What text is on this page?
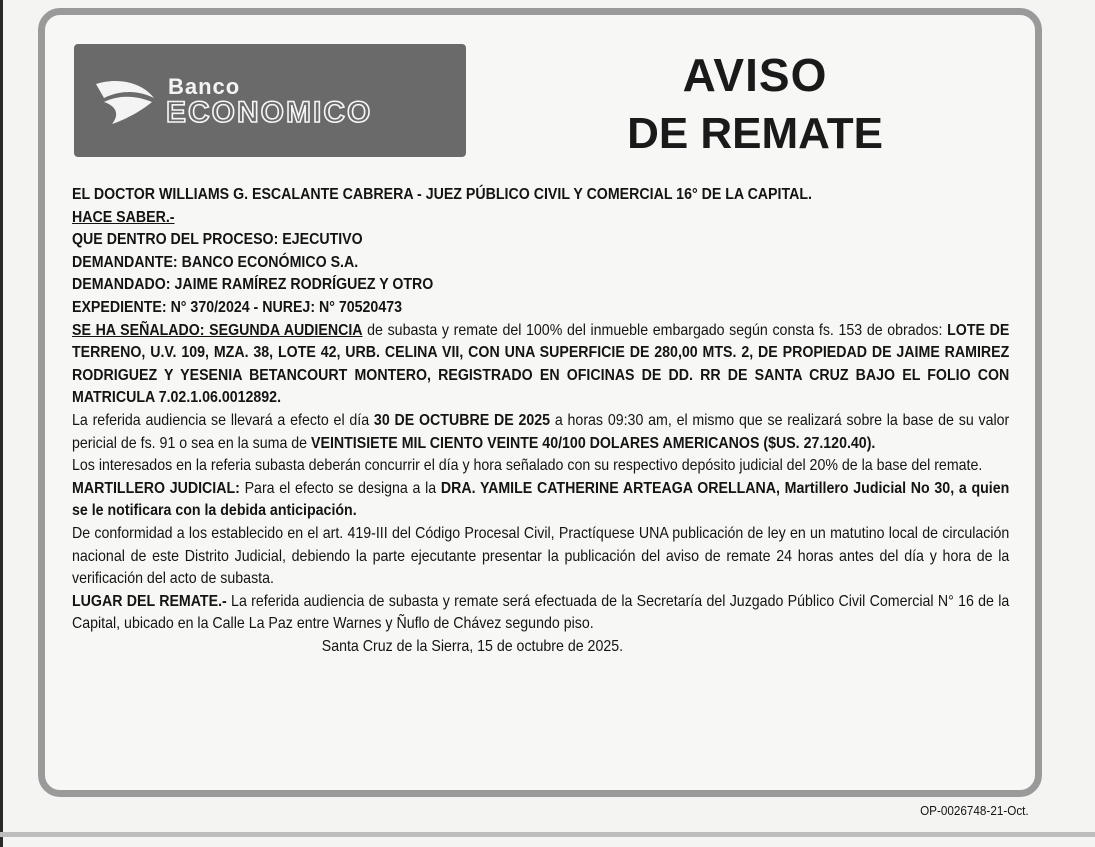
Banco
ECONOMICO
AVISO
DE REMATE

EL DOCTOR WILLIAMS G. ESCALANTE CABRERA - JUEZ PÚBLICO CIVIL Y COMERCIAL 16° DE LA CAPITAL.

HACE SABER.-

QUE DENTRO DEL PROCESO: EJECUTIVO

DEMANDANTE: BANCO ECONÓMICO S.A.

DEMANDADO: JAIME RAMÍREZ RODRÍGUEZ Y OTRO

EXPEDIENTE: N° 370/2024 - NUREJ: N° 70520473

SE HA SEÑALADO: SEGUNDA AUDIENCIA de subasta y remate del 100% del inmueble embargado según consta fs. 153 de obrados: LOTE DE TERRENO, U.V. 109, MZA. 38, LOTE 42, URB. CELINA VII, CON UNA SUPERFICIE DE 280,00 MTS. 2, DE PROPIEDAD DE JAIME RAMIREZ RODRIGUEZ Y YESENIA BETANCOURT MONTERO, REGISTRADO EN OFICINAS DE DD. RR DE SANTA CRUZ BAJO EL FOLIO CON MATRICULA 7.02.1.06.0012892.

La referida audiencia se llevará a efecto el día 30 DE OCTUBRE DE 2025 a horas 09:30 am, el mismo que se realizará sobre la base de su valor pericial de fs. 91 o sea en la suma de VEINTISIETE MIL CIENTO VEINTE 40/100 DOLARES AMERICANOS ($US. 27.120.40).

Los interesados en la referia subasta deberán concurrir el día y hora señalado con su respectivo depósito judicial del 20% de la base del remate.

MARTILLERO JUDICIAL: Para el efecto se designa a la DRA. YAMILE CATHERINE ARTEAGA ORELLANA, Martillero Judicial No 30, a quien se le notificara con la debida anticipación.

De conformidad a los establecido en el art. 419-III del Código Procesal Civil, Practíquese UNA publicación de ley en un matutino local de circulación nacional de este Distrito Judicial, debiendo la parte ejecutante presentar la publicación del aviso de remate 24 horas antes del día y hora de la verificación del acto de subasta.

LUGAR DEL REMATE.- La referida audiencia de subasta y remate será efectuada de la Secretaría del Juzgado Público Civil Comercial N° 16 de la Capital, ubicado en la Calle La Paz entre Warnes y Ñuflo de Chávez segundo piso.

Santa Cruz de la Sierra, 15 de octubre de 2025.

OP-0026748-21-Oct.
